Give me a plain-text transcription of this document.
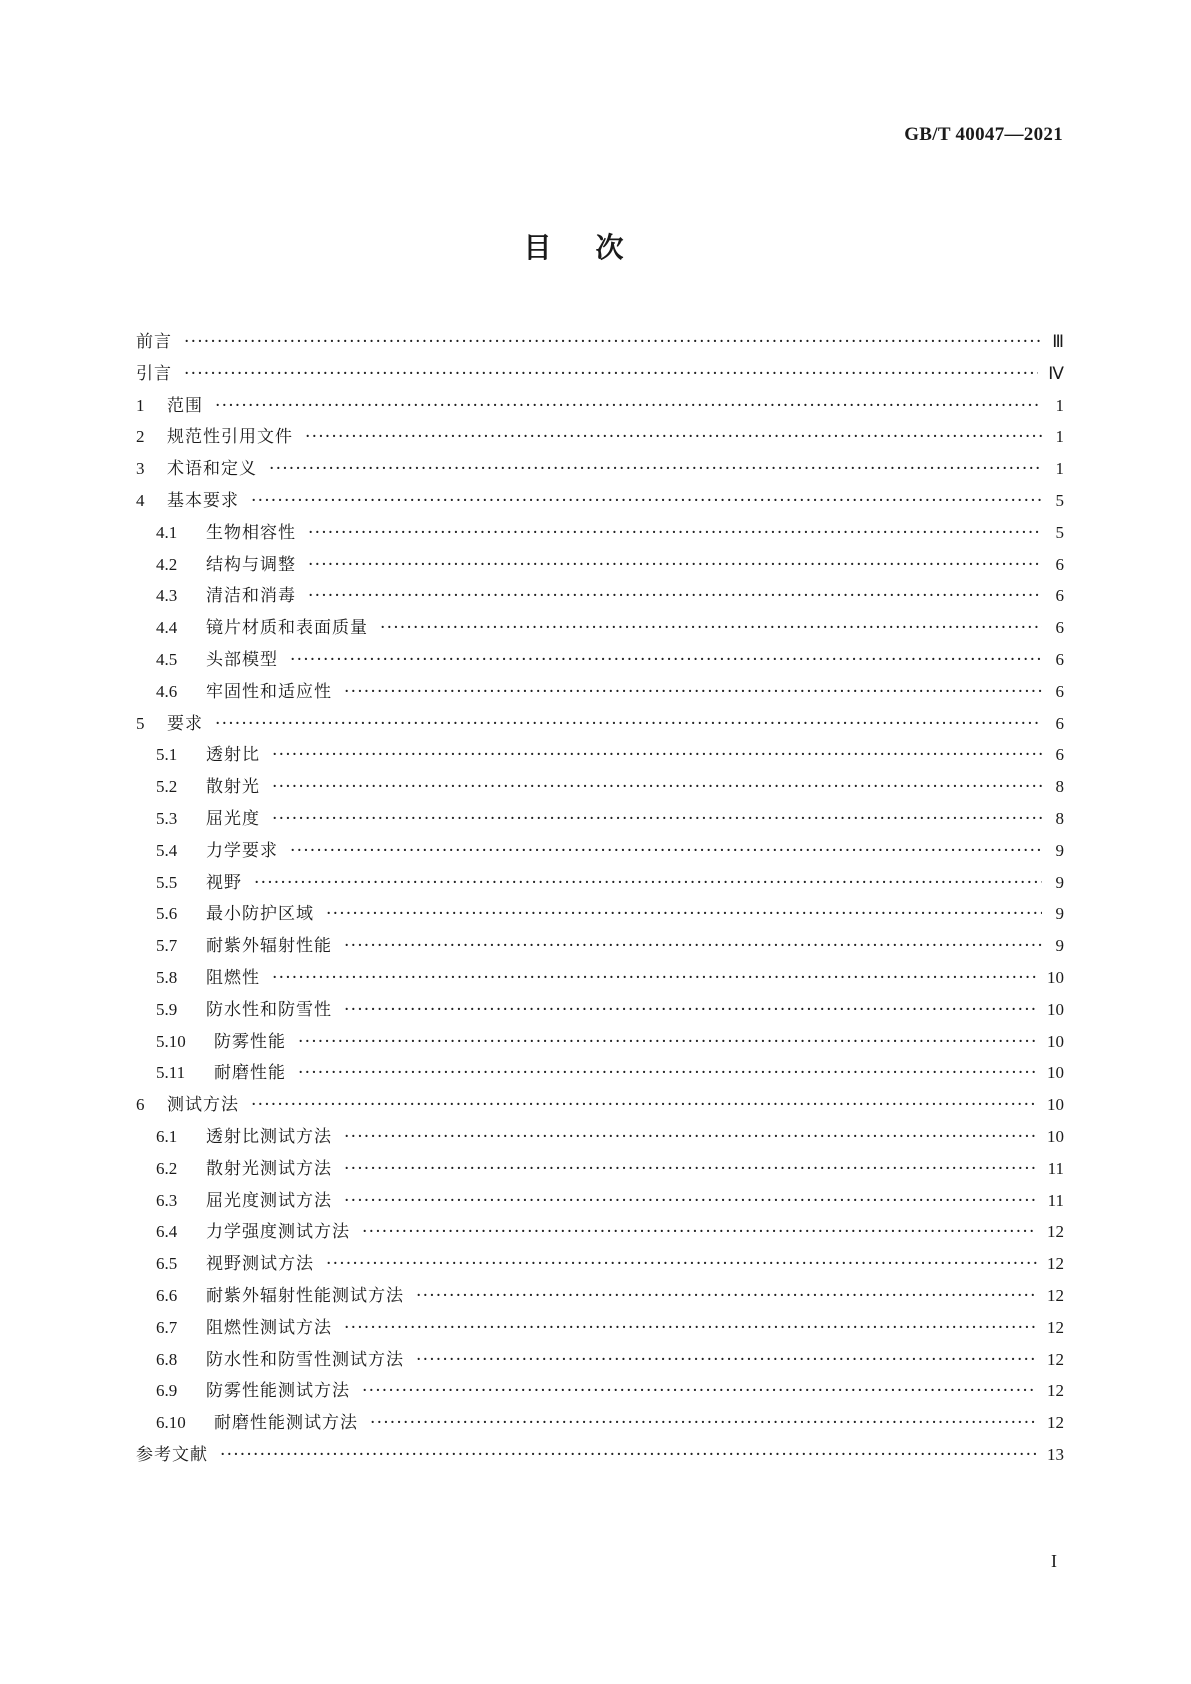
GB/T 40047—2021
目次
前言 ·····	Ⅲ
引言 ·····	Ⅳ
1	范围 ·····	1
2	规范性引用文件 ·····	1
3	术语和定义 ·····	1
4	基本要求 ·····	5
4.1	生物相容性 ·····	5
4.2	结构与调整 ·····	6
4.3	清洁和消毒 ·····	6
4.4	镜片材质和表面质量 ·····	6
4.5	头部模型 ·····	6
4.6	牢固性和适应性 ·····	6
5	要求 ·····	6
5.1	透射比 ·····	6
5.2	散射光 ·····	8
5.3	屈光度 ·····	8
5.4	力学要求 ·····	9
5.5	视野 ·····	9
5.6	最小防护区域 ·····	9
5.7	耐紫外辐射性能 ·····	9
5.8	阻燃性 ·····	10
5.9	防水性和防雪性 ·····	10
5.10	防雾性能 ·····	10
5.11	耐磨性能 ·····	10
6	测试方法 ·····	10
6.1	透射比测试方法 ·····	10
6.2	散射光测试方法 ·····	11
6.3	屈光度测试方法 ·····	11
6.4	力学强度测试方法 ·····	12
6.5	视野测试方法 ·····	12
6.6	耐紫外辐射性能测试方法 ·····	12
6.7	阻燃性测试方法 ·····	12
6.8	防水性和防雪性测试方法 ·····	12
6.9	防雾性能测试方法 ·····	12
6.10	耐磨性能测试方法 ·····	12
参考文献 ·····	13
I
